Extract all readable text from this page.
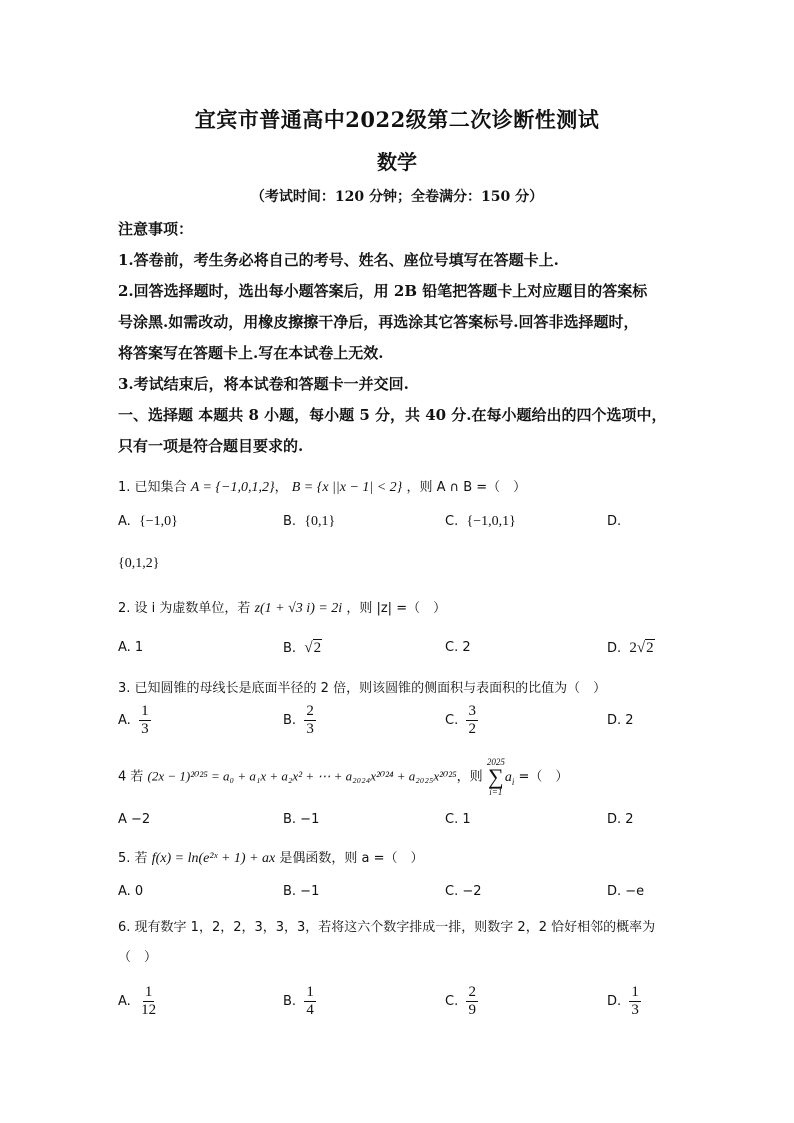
宜宾市普通高中2022级第二次诊断性测试
数学
（考试时间：120 分钟；全卷满分：150 分）
注意事项：
1.答卷前，考生务必将自己的考号、姓名、座位号填写在答题卡上.
2.回答选择题时，选出每小题答案后，用 2B 铅笔把答题卡上对应题目的答案标
号涂黑.如需改动，用橡皮擦擦干净后，再选涂其它答案标号.回答非选择题时，
将答案写在答题卡上.写在本试卷上无效.
3.考试结束后，将本试卷和答题卡一并交回.
一、选择题 本题共 8 小题，每小题 5 分，共 40 分.在每小题给出的四个选项中，
只有一项是符合题目要求的.
1. 已知集合 A = {−1,0,1,2}， B = {x ||x − 1| < 2} ，则 A ∩ B =（　）
A. {−1,0}	B. {0,1}	C. {−1,0,1}	D.
{0,1,2}
2. 设 i 为虚数单位，若 z(1 + √3 i) = 2i ，则 |z| =（　）
A. 1	B. √2	C. 2	D. 2√2
3. 已知圆锥的母线长是底面半径的 2 倍，则该圆锥的侧面积与表面积的比值为（　）
A. $\frac{1}{3}$	B. $\frac{2}{3}$	C. $\frac{3}{2}$	D. 2
4 若 (2x − 1)²⁰²⁵ = a₀ + a₁x + a₂x² + ⋯ + a₂₀₂₄x²⁰²⁴ + a₂₀₂₅x²⁰²⁵，则
2025
∑
i=1
$a_i$ =（　）
A −2	B. −1	C. 1	D. 2
5. 若 f(x) = ln(e²ˣ + 1) + ax 是偶函数，则 a =（　）
A. 0	B. −1	C. −2	D. −e
6. 现有数字 1，2，2，3，3，3，若将这六个数字排成一排，则数字 2，2 恰好相邻的概率为
（　）
A. $\frac{1}{12}$	B. $\frac{1}{4}$	C. $\frac{2}{9}$	D. $\frac{1}{3}$
